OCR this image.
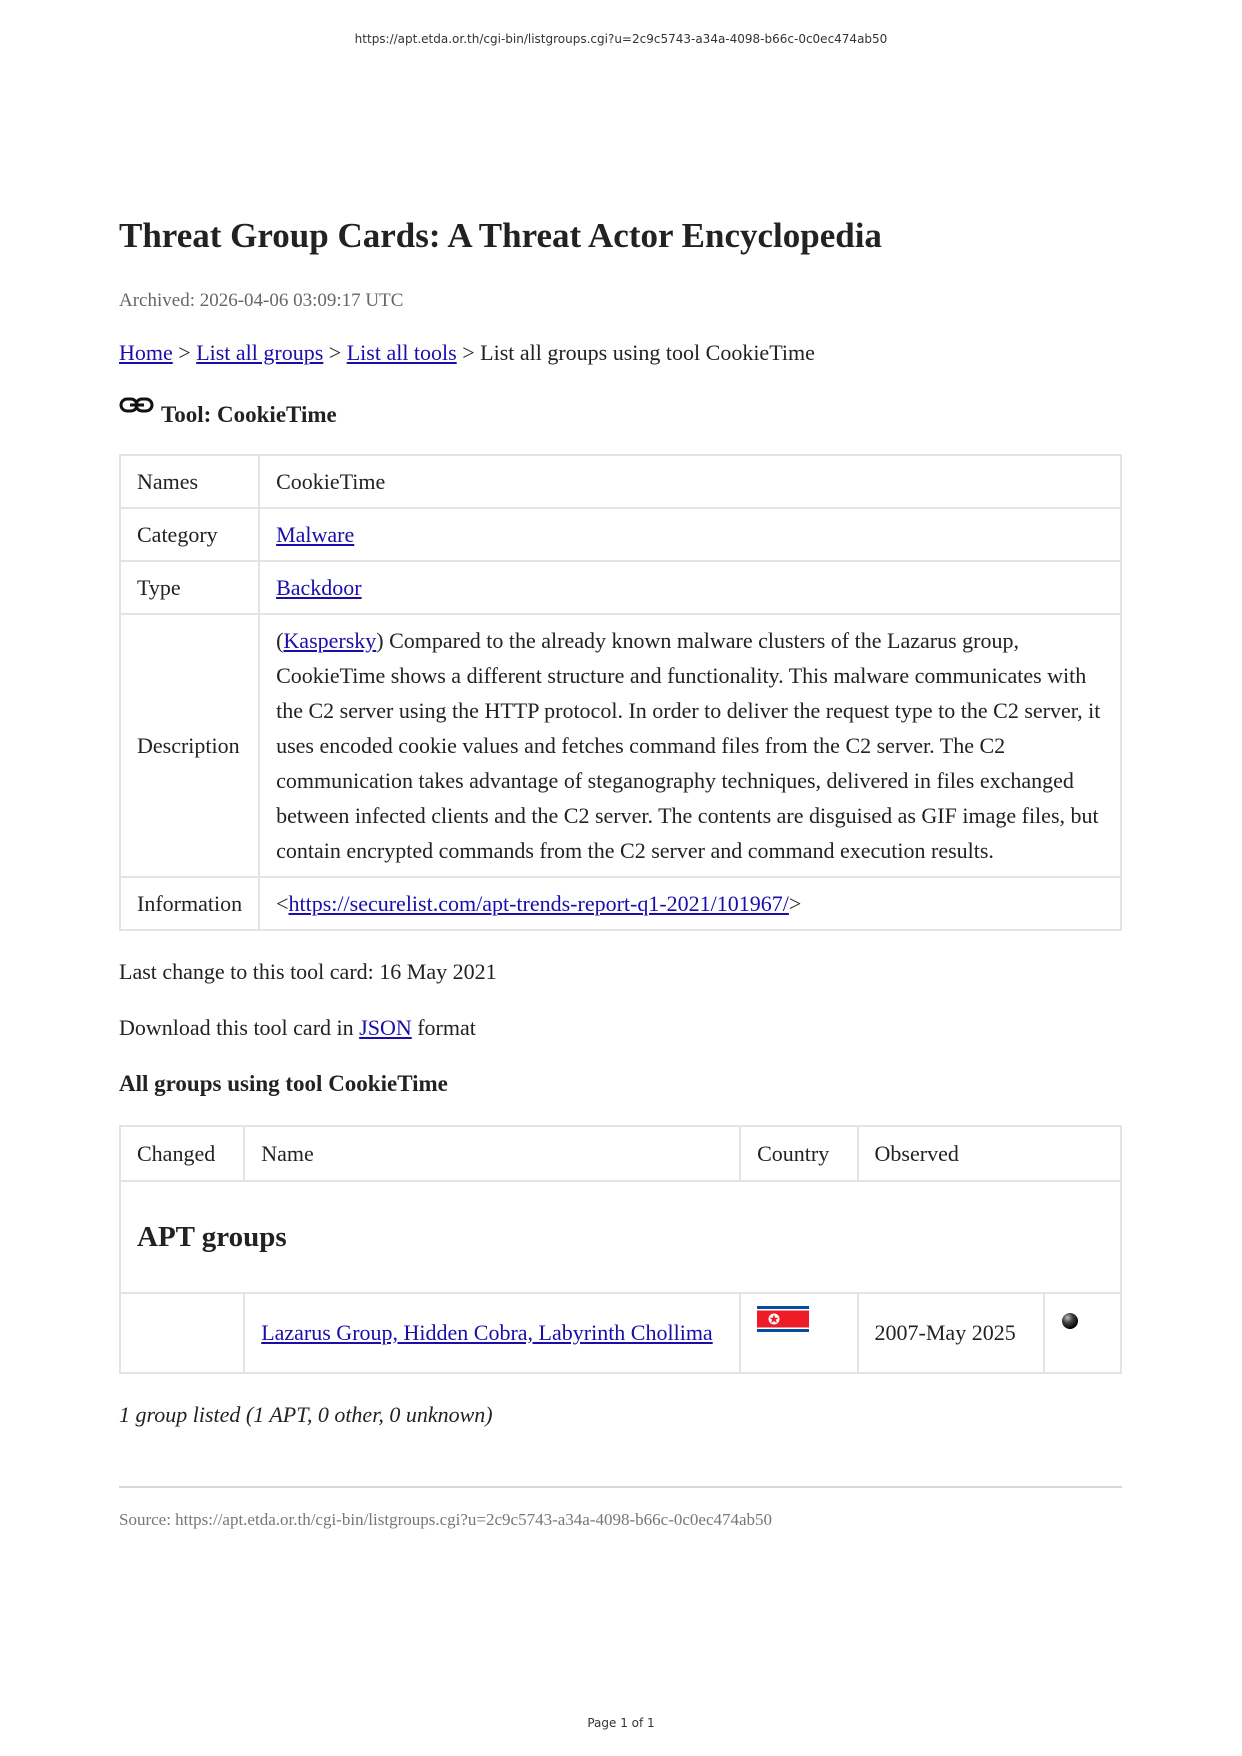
https://apt.etda.or.th/cgi-bin/listgroups.cgi?u=2c9c5743-a34a-4098-b66c-0c0ec474ab50
Threat Group Cards: A Threat Actor Encyclopedia
Archived: 2026-04-06 03:09:17 UTC
Home > List all groups > List all tools > List all groups using tool CookieTime
Tool: CookieTime
Names	CookieTime
Category	Malware
Type	Backdoor
Description	(Kaspersky) Compared to the already known malware clusters of the Lazarus group, CookieTime shows a different structure and functionality. This malware communicates with the C2 server using the HTTP protocol. In order to deliver the request type to the C2 server, it uses encoded cookie values and fetches command files from the C2 server. The C2 communication takes advantage of steganography techniques, delivered in files exchanged between infected clients and the C2 server. The contents are disguised as GIF image files, but contain encrypted commands from the C2 server and command execution results.
Information	<https://securelist.com/apt-trends-report-q1-2021/101967/>
Last change to this tool card: 16 May 2021
Download this tool card in JSON format
All groups using tool CookieTime
Changed	Name	Country	Observed	
APT groups				
	Lazarus Group, Hidden Cobra, Labyrinth Chollima		2007-May 2025	
1 group listed (1 APT, 0 other, 0 unknown)
Source: https://apt.etda.or.th/cgi-bin/listgroups.cgi?u=2c9c5743-a34a-4098-b66c-0c0ec474ab50
Page 1 of 1
